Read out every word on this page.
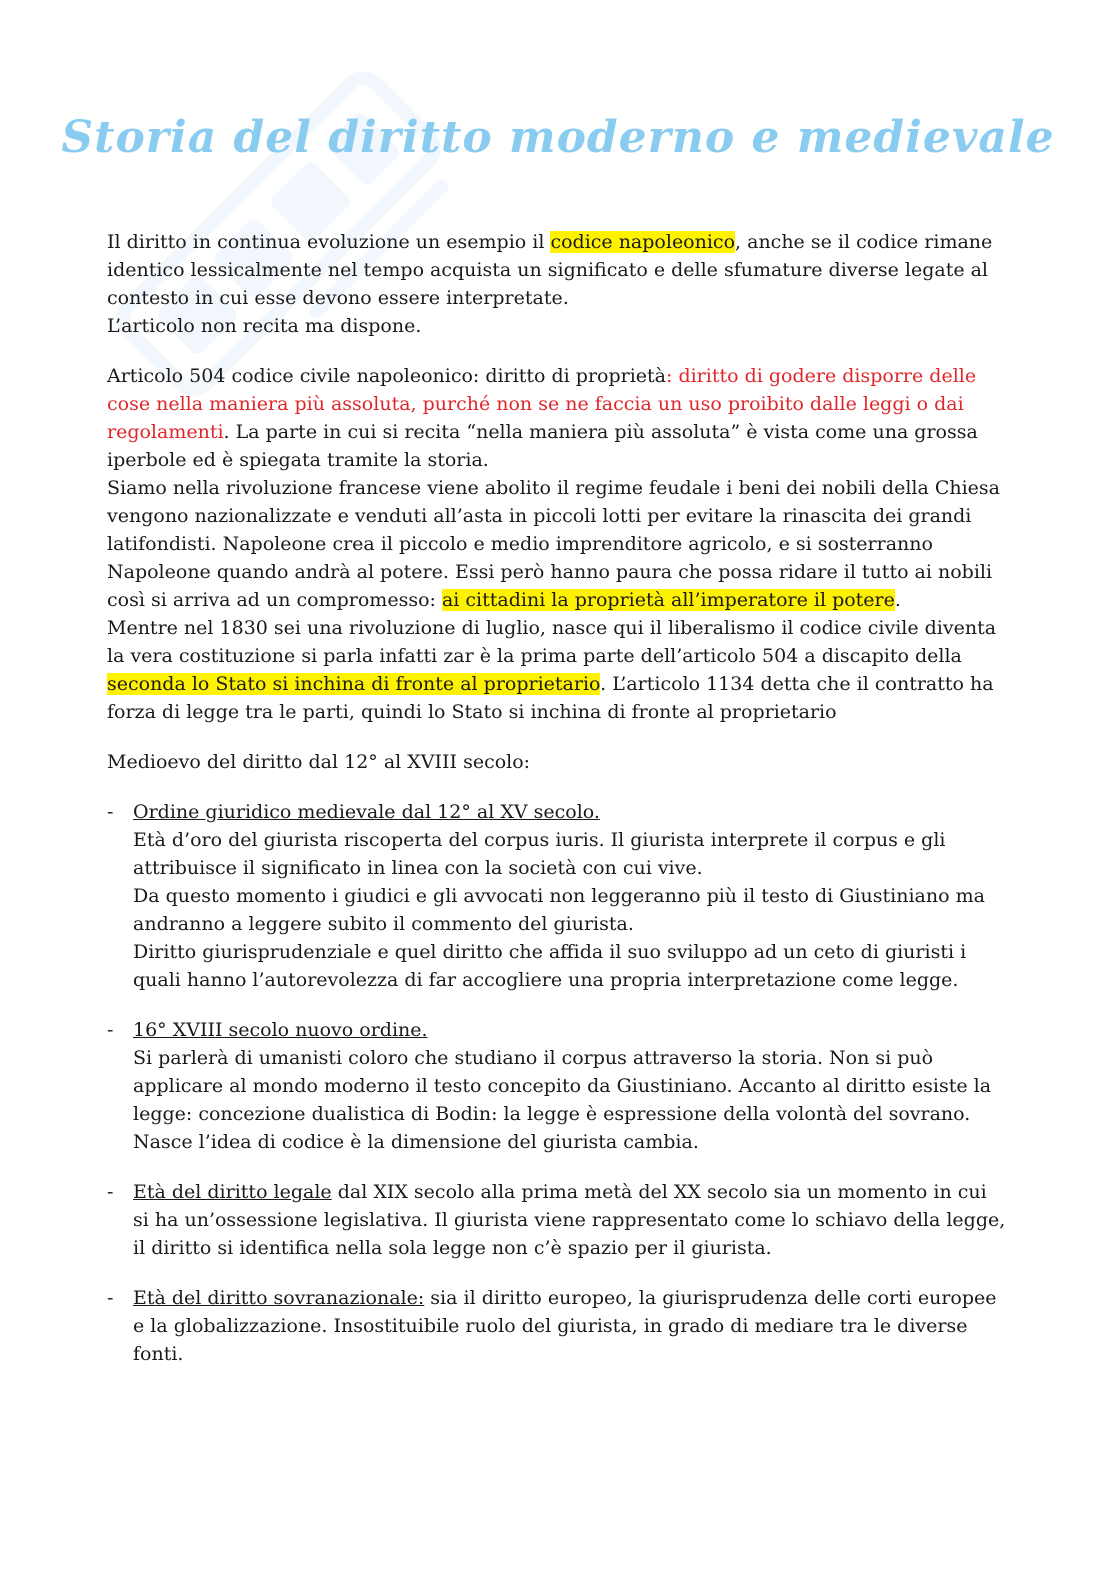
Storia del diritto moderno e medievale

Il diritto in continua evoluzione un esempio il codice napoleonico, anche se il codice rimane identico lessicalmente nel tempo acquista un significato e delle sfumature diverse legate al contesto in cui esse devono essere interpretate.

L’articolo non recita ma dispone.

Articolo 504 codice civile napoleonico: diritto di proprietà: diritto di godere disporre delle cose nella maniera più assoluta, purché non se ne faccia un uso proibito dalle leggi o dai regolamenti. La parte in cui si recita “nella maniera più assoluta” è vista come una grossa iperbole ed è spiegata tramite la storia.

Siamo nella rivoluzione francese viene abolito il regime feudale i beni dei nobili della Chiesa vengono nazionalizzate e venduti all’asta in piccoli lotti per evitare la rinascita dei grandi latifondisti. Napoleone crea il piccolo e medio imprenditore agricolo, e si sosterranno Napoleone quando andrà al potere. Essi però hanno paura che possa ridare il tutto ai nobili così si arriva ad un compromesso: ai cittadini la proprietà all’imperatore il potere.

Mentre nel 1830 sei una rivoluzione di luglio, nasce qui il liberalismo il codice civile diventa la vera costituzione si parla infatti zar è la prima parte dell’articolo 504 a discapito della seconda lo Stato si inchina di fronte al proprietario. L’articolo 1134 detta che il contratto ha forza di legge tra le parti, quindi lo Stato si inchina di fronte al proprietario

Medioevo del diritto dal 12° al XVIII secolo:

- Ordine giuridico medievale dal 12° al XV secolo.

Età d’oro del giurista riscoperta del corpus iuris. Il giurista interprete il corpus e gli attribuisce il significato in linea con la società con cui vive.

Da questo momento i giudici e gli avvocati non leggeranno più il testo di Giustiniano ma andranno a leggere subito il commento del giurista.

Diritto giurisprudenziale e quel diritto che affida il suo sviluppo ad un ceto di giuristi i quali hanno l’autorevolezza di far accogliere una propria interpretazione come legge.

- 16° XVIII secolo nuovo ordine.

Si parlerà di umanisti coloro che studiano il corpus attraverso la storia. Non si può applicare al mondo moderno il testo concepito da Giustiniano. Accanto al diritto esiste la legge: concezione dualistica di Bodin: la legge è espressione della volontà del sovrano. Nasce l’idea di codice è la dimensione del giurista cambia.

- Età del diritto legale dal XIX secolo alla prima metà del XX secolo sia un momento in cui si ha un’ossessione legislativa. Il giurista viene rappresentato come lo schiavo della legge, il diritto si identifica nella sola legge non c’è spazio per il giurista.

- Età del diritto sovranazionale: sia il diritto europeo, la giurisprudenza delle corti europee e la globalizzazione. Insostituibile ruolo del giurista, in grado di mediare tra le diverse fonti.
